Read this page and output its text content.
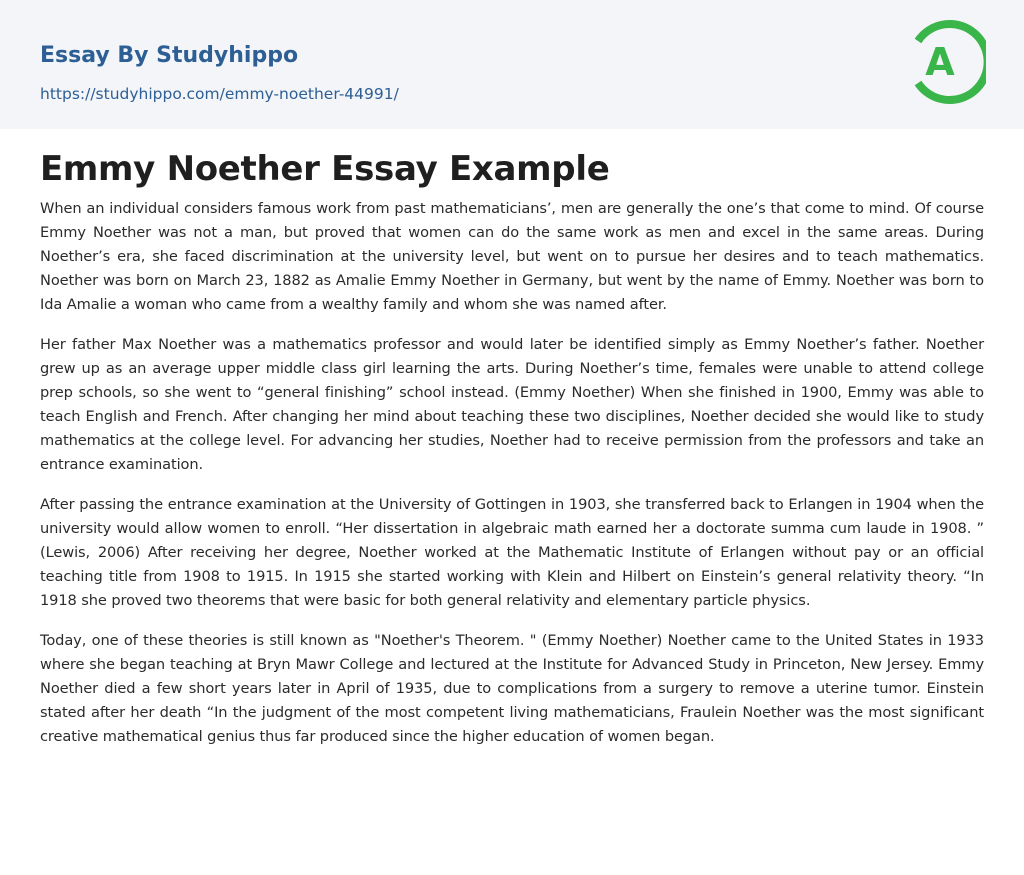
Essay By Studyhippo
https://studyhippo.com/emmy-noether-44991/
A
Emmy Noether Essay Example

When an individual considers famous work from past mathematicians’, men are generally the one’s that come to mind. Of course Emmy Noether was not a man, but proved that women can do the same work as men and excel in the same areas. During Noether’s era, she faced discrimination at the university level, but went on to pursue her desires and to teach mathematics. Noether was born on March 23, 1882 as Amalie Emmy Noether in Germany, but went by the name of Emmy. Noether was born to Ida Amalie a woman who came from a wealthy family and whom she was named after.

Her father Max Noether was a mathematics professor and would later be identified simply as Emmy Noether’s father. Noether grew up as an average upper middle class girl learning the arts. During Noether’s time, females were unable to attend college prep schools, so she went to “general finishing” school instead. (Emmy Noether) When she finished in 1900, Emmy was able to teach English and French. After changing her mind about teaching these two disciplines, Noether decided she would like to study mathematics at the college level. For advancing her studies, Noether had to receive permission from the professors and take an entrance examination.

After passing the entrance examination at the University of Gottingen in 1903, she transferred back to Erlangen in 1904 when the university would allow women to enroll. “Her dissertation in algebraic math earned her a doctorate summa cum laude in 1908. ” (Lewis, 2006) After receiving her degree, Noether worked at the Mathematic Institute of Erlangen without pay or an official teaching title from 1908 to 1915. In 1915 she started working with Klein and Hilbert on Einstein’s general relativity theory. “In 1918 she proved two theorems that were basic for both general relativity and elementary particle physics.

Today, one of these theories is still known as "Noether's Theorem. " (Emmy Noether) Noether came to the United States in 1933 where she began teaching at Bryn Mawr College and lectured at the Institute for Advanced Study in Princeton, New Jersey. Emmy Noether died a few short years later in April of 1935, due to complications from a surgery to remove a uterine tumor. Einstein stated after her death “In the judgment of the most competent living mathematicians, Fraulein Noether was the most significant creative mathematical genius thus far produced since the higher education of women began.
